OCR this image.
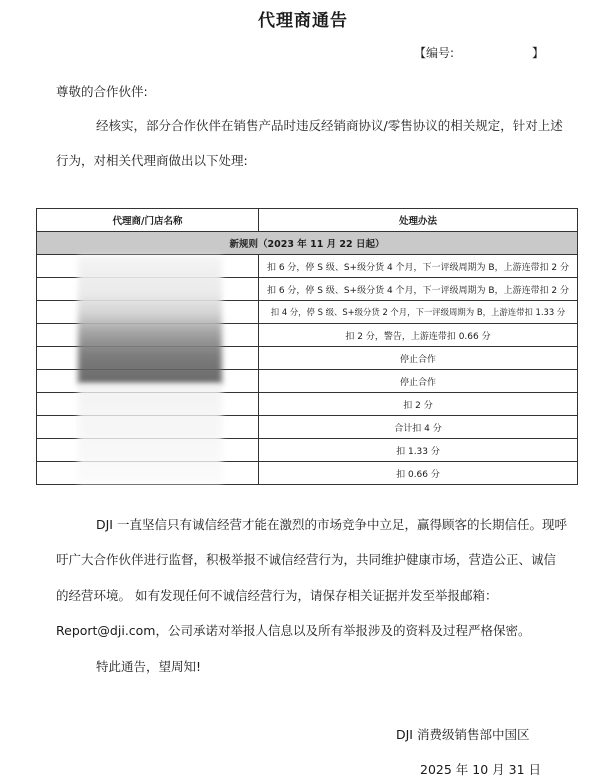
代理商通告
【编号:	】
尊敬的合作伙伴:
经核实，部分合作伙伴在销售产品时违反经销商协议/零售协议的相关规定，针对上述
行为，对相关代理商做出以下处理:
代理商/门店名称	处理办法
新规则（2023 年 11 月 22 日起）	
	扣 6 分，停 S 级、S+级分货 4 个月，下一评级周期为 B，上游连带扣 2 分
	扣 6 分，停 S 级、S+级分货 4 个月，下一评级周期为 B，上游连带扣 2 分
	扣 4 分，停 S 级、S+级分货 2 个月，下一评级周期为 B，上游连带扣 1.33 分
	扣 2 分，警告，上游连带扣 0.66 分
	停止合作
	停止合作
	扣 2 分
	合计扣 4 分
	扣 1.33 分
	扣 0.66 分
DJI 一直坚信只有诚信经营才能在激烈的市场竞争中立足，赢得顾客的长期信任。现呼
吁广大合作伙伴进行监督，积极举报不诚信经营行为，共同维护健康市场，营造公正、诚信
的经营环境。 如有发现任何不诚信经营行为，请保存相关证据并发至举报邮箱：
Report@dji.com，公司承诺对举报人信息以及所有举报涉及的资料及过程严格保密。
特此通告，望周知!
DJI 消费级销售部中国区
2025 年 10 月 31 日
